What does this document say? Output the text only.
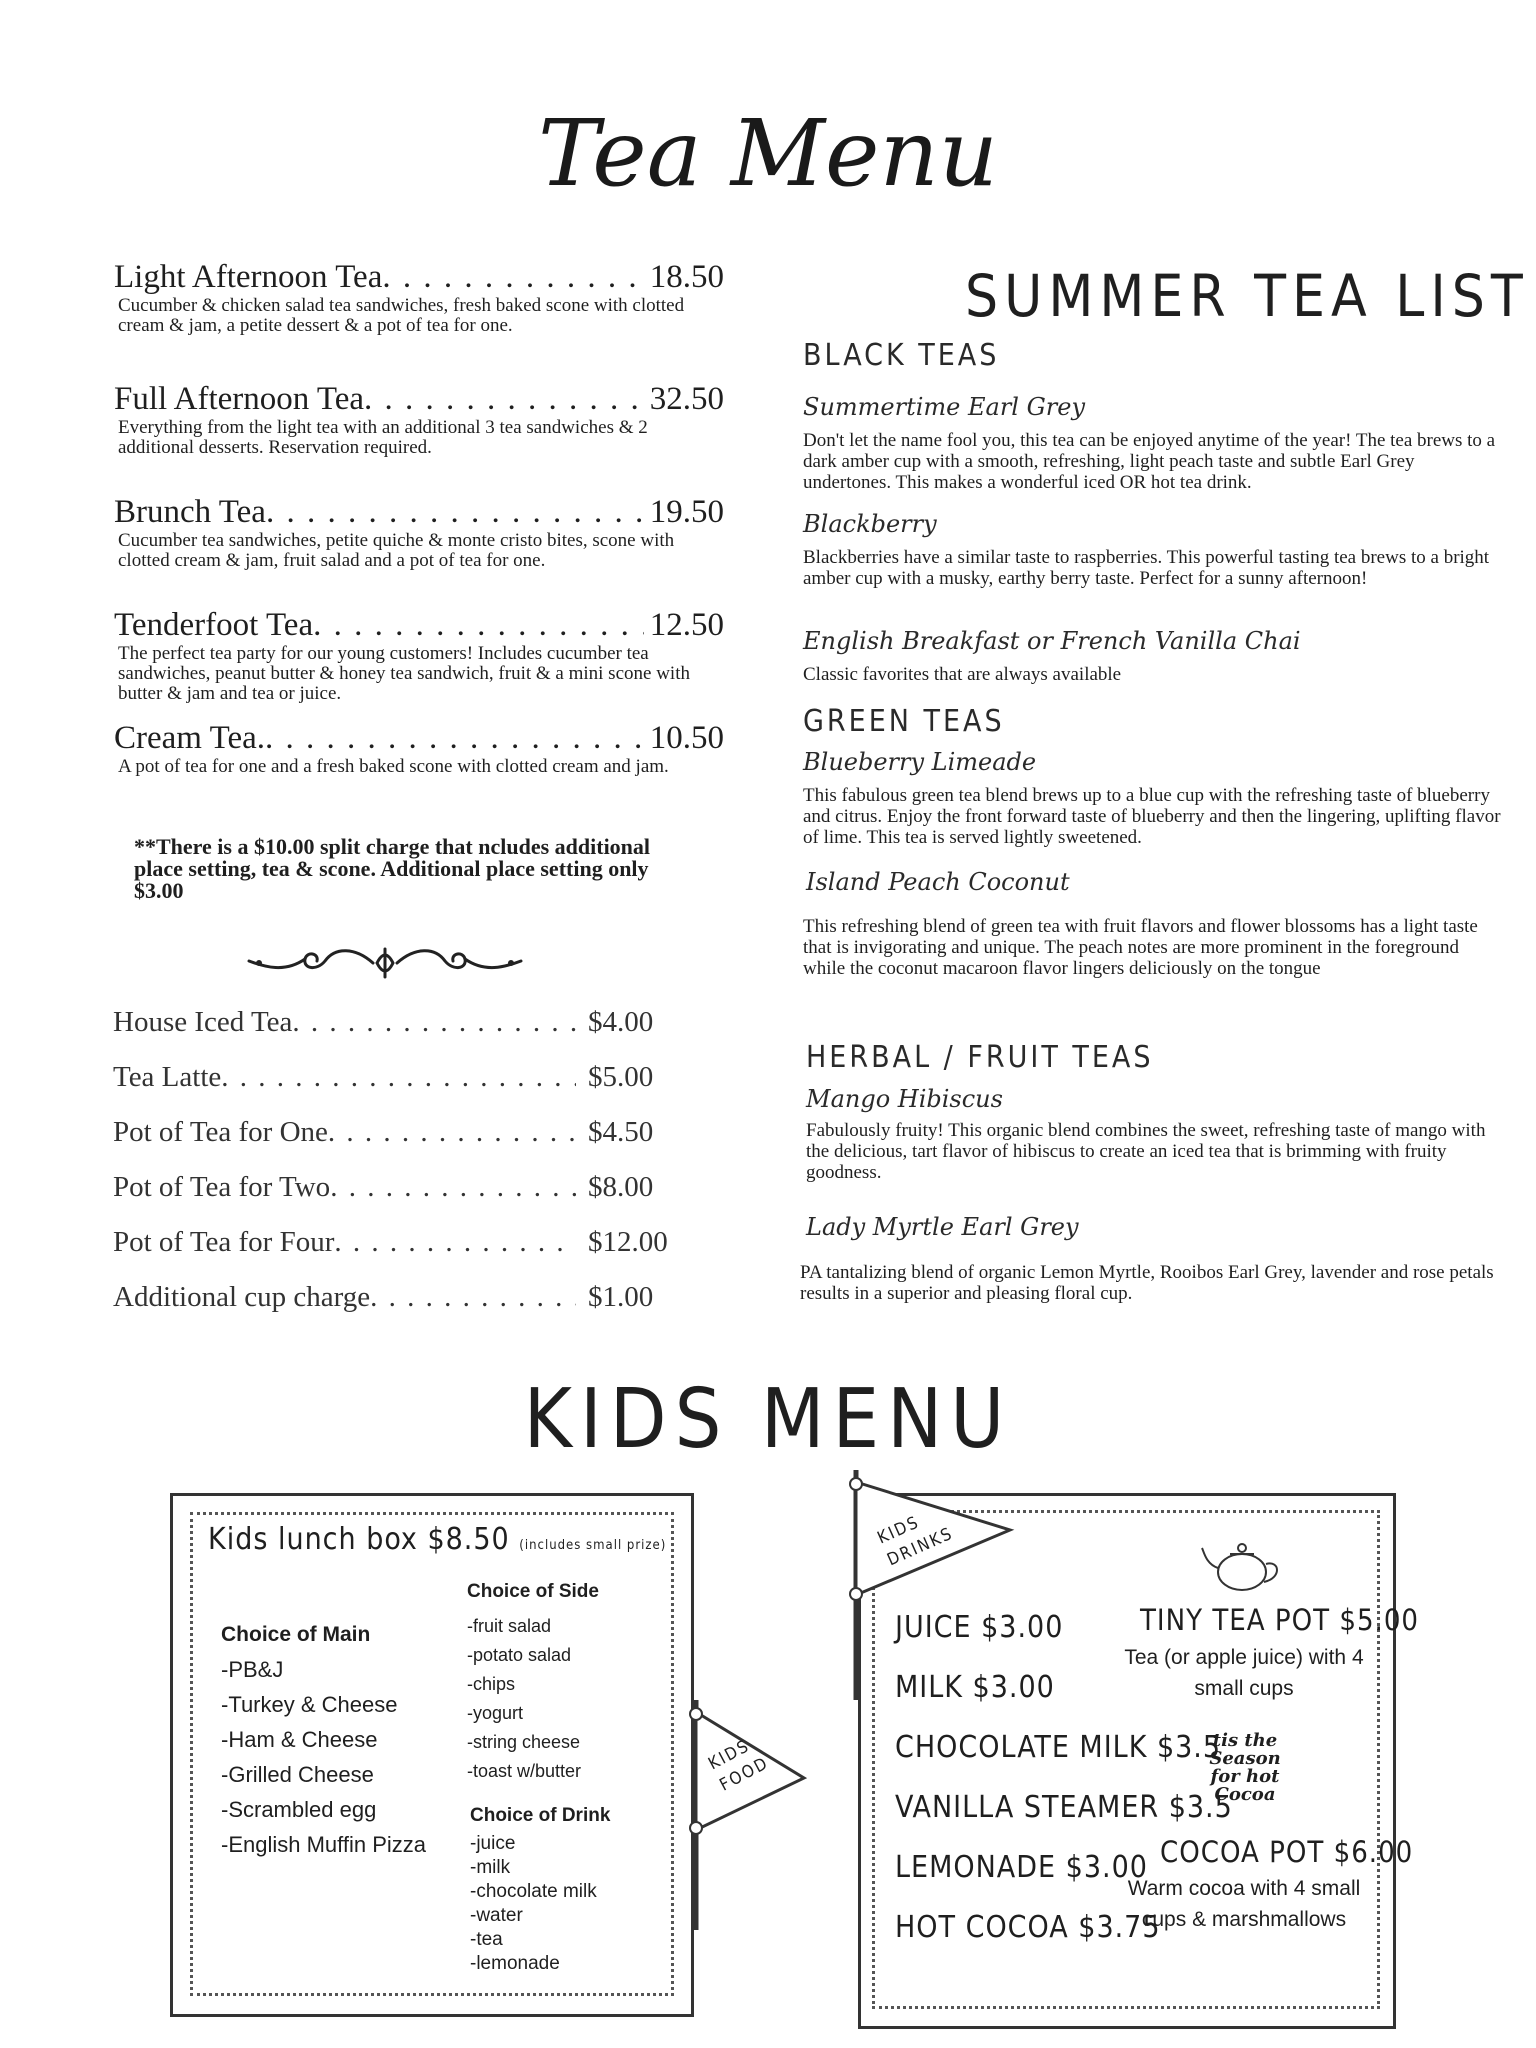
Tea Menu
Light Afternoon Tea . . .	18.50
Cucumber & chicken salad tea sandwiches, fresh baked scone with clotted cream & jam, a petite dessert & a pot of tea for one.
Full Afternoon Tea . . .	32.50
Everything from the light tea with an additional 3 tea sandwiches & 2 additional desserts. Reservation required.
Brunch Tea . . .	19.50
Cucumber tea sandwiches, petite quiche & monte cristo bites, scone with clotted cream & jam, fruit salad and a pot of tea for one.
Tenderfoot Tea . . .	12.50
The perfect tea party for our young customers! Includes cucumber tea sandwiches, peanut butter & honey tea sandwich, fruit & a mini scone with butter & jam and tea or juice.
Cream Tea. . . .	10.50
A pot of tea for one and a fresh baked scone with clotted cream and jam.
**There is a $10.00 split charge that ncludes additional place setting, tea & scone. Additional place setting only $3.00
House Iced Tea . . .	$4.00
Tea Latte . . .	$5.00
Pot of Tea for One . . .	$4.50
Pot of Tea for Two . . .	$8.00
Pot of Tea for Four . . .	$12.00
Additional cup charge . . .	$1.00
SUMMER TEA LIST
BLACK TEAS
Summertime Earl Grey
Don't let the name fool you, this tea can be enjoyed anytime of the year! The tea brews to a dark amber cup with a smooth, refreshing, light peach taste and subtle Earl Grey undertones. This makes a wonderful iced OR hot tea drink.
Blackberry
Blackberries have a similar taste to raspberries. This powerful tasting tea brews to a bright amber cup with a musky, earthy berry taste. Perfect for a sunny afternoon!
English Breakfast or French Vanilla Chai
Classic favorites that are always available
GREEN TEAS
Blueberry Limeade
This fabulous green tea blend brews up to a blue cup with the refreshing taste of blueberry and citrus. Enjoy the front forward taste of blueberry and then the lingering, uplifting flavor of lime. This tea is served lightly sweetened.
Island Peach Coconut
This refreshing blend of green tea with fruit flavors and flower blossoms has a light taste that is invigorating and unique. The peach notes are more prominent in the foreground while the coconut macaroon flavor lingers deliciously on the tongue
HERBAL / FRUIT TEAS
Mango Hibiscus
Fabulously fruity! This organic blend combines the sweet, refreshing taste of mango with the delicious, tart flavor of hibiscus to create an iced tea that is brimming with fruity goodness.
Lady Myrtle Earl Grey
PA tantalizing blend of organic Lemon Myrtle, Rooibos Earl Grey, lavender and rose petals results in a superior and pleasing floral cup.
KIDS MENU
Kids lunch box $8.50 (includes small prize)
Choice of Main
-PB&J
-Turkey & Cheese
-Ham & Cheese
-Grilled Cheese
-Scrambled egg
-English Muffin Pizza
Choice of Side
-fruit salad
-potato salad
-chips
-yogurt
-string cheese
-toast w/butter
Choice of Drink
-juice
-milk
-chocolate milk
-water
-tea
-lemonade
KIDS FOOD
KIDS DRINKS
JUICE $3.00
MILK $3.00
CHOCOLATE MILK $3.5
VANILLA STEAMER $3.5
LEMONADE $3.00
HOT COCOA $3.75
TINY TEA POT $5.00
Tea (or apple juice) with 4 small cups
tis the Season for hot Cocoa
COCOA POT $6.00
Warm cocoa with 4 small cups & marshmallows
